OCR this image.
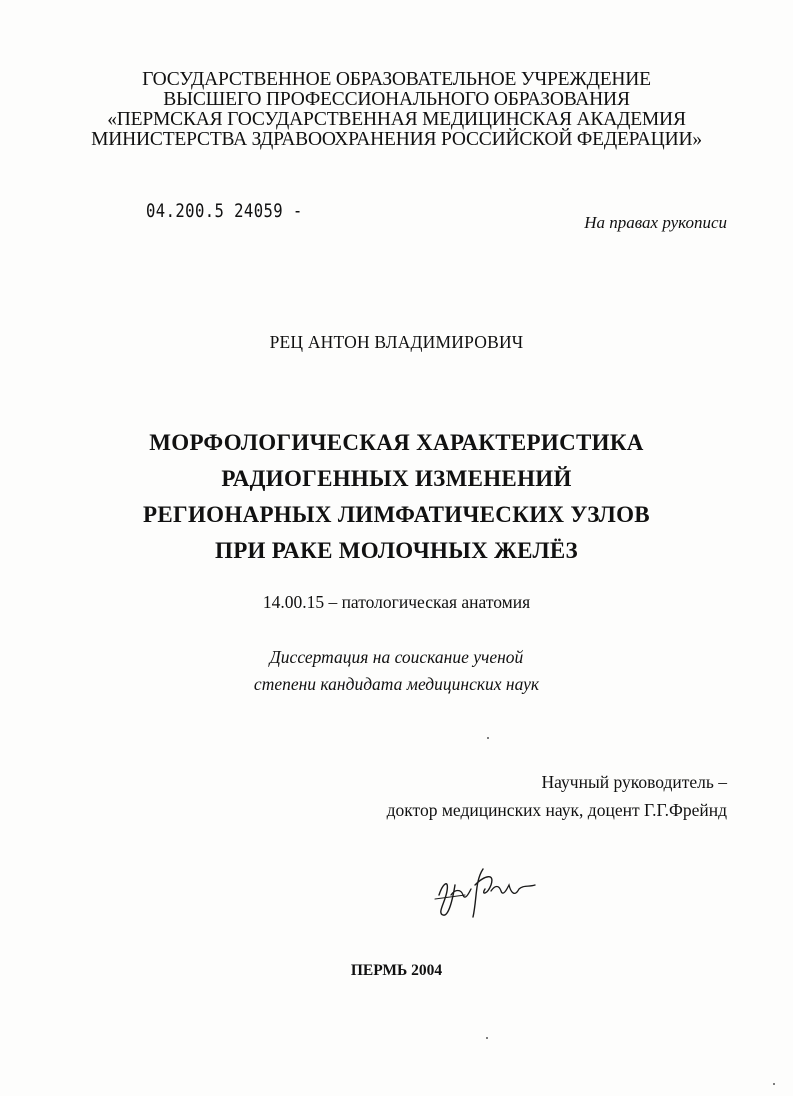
ГОСУДАРСТВЕННОЕ ОБРАЗОВАТЕЛЬНОЕ УЧРЕЖДЕНИЕ
ВЫСШЕГО ПРОФЕССИОНАЛЬНОГО ОБРАЗОВАНИЯ
«ПЕРМСКАЯ ГОСУДАРСТВЕННАЯ МЕДИЦИНСКАЯ АКАДЕМИЯ
МИНИСТЕРСТВА ЗДРАВООХРАНЕНИЯ РОССИЙСКОЙ ФЕДЕРАЦИИ»
04.200.5 24059 -
На правах рукописи
РЕЦ АНТОН ВЛАДИМИРОВИЧ
МОРФОЛОГИЧЕСКАЯ ХАРАКТЕРИСТИКА
РАДИОГЕННЫХ ИЗМЕНЕНИЙ
РЕГИОНАРНЫХ ЛИМФАТИЧЕСКИХ УЗЛОВ
ПРИ РАКЕ МОЛОЧНЫХ ЖЕЛЁЗ
14.00.15 – патологическая анатомия
Диссертация на соискание ученой
степени кандидата медицинских наук
Научный руководитель –
доктор медицинских наук, доцент Г.Г.Фрейнд
ПЕРМЬ 2004
